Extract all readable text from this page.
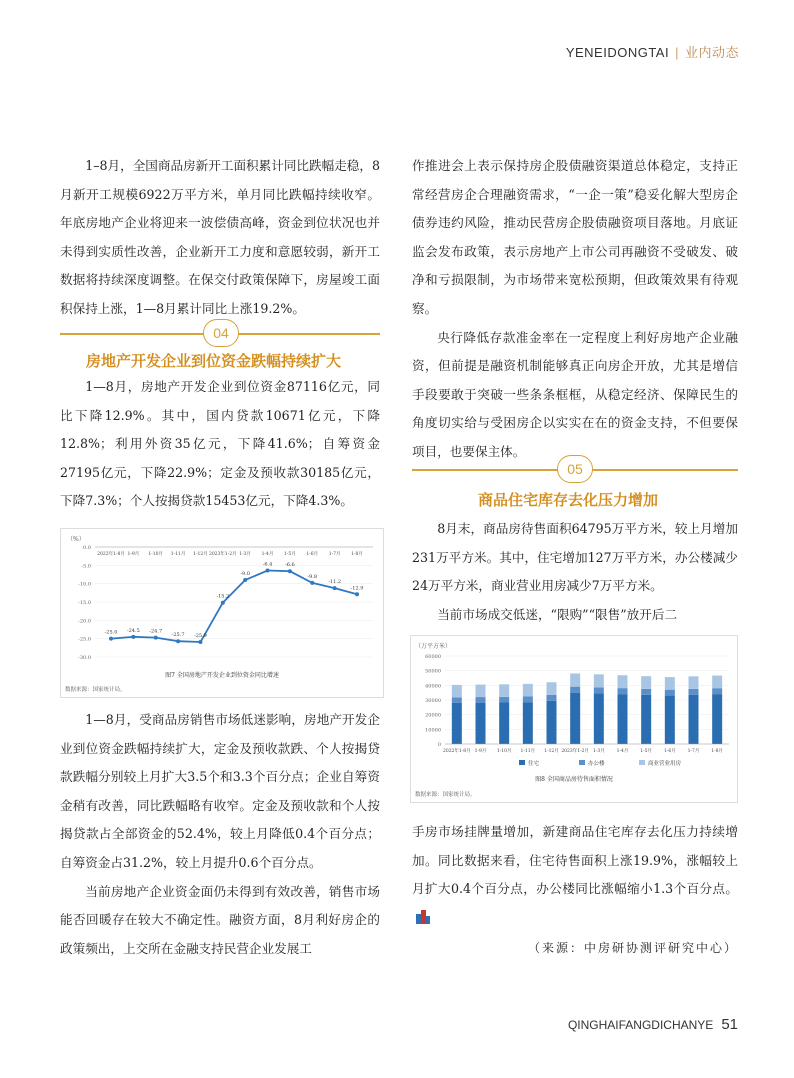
YENEIDONGTAI | 业内动态

1–8月，全国商品房新开工面积累计同比跌幅走稳，8月新开工规模6922万平方米，单月同比跌幅持续收窄。年底房地产企业将迎来一波偿债高峰，资金到位状况也并未得到实质性改善，企业新开工力度和意愿较弱，新开工数据将持续深度调整。在保交付政策保障下，房屋竣工面积保持上涨，1—8月累计同比上涨19.2%。

04
房地产开发企业到位资金跌幅持续扩大

1—8月，房地产开发企业到位资金87116亿元，同比下降12.9%。其中，国内贷款10671亿元，下降12.8%；利用外资35亿元，下降41.6%；自筹资金27195亿元，下降22.9%；定金及预收款30185亿元，下降7.3%；个人按揭贷款15453亿元，下降4.3%。

（%）
0.0
-5.0
-10.0
-15.0
-20.0
-25.0
-30.0
2022年1-8月 1-9月 1-10月 1-11月 1-12月 2023年1-2月 1-3月 1-4月 1-5月 1-6月 1-7月 1-8月
-25.0 -24.5 -24.7
-25.7 -25.9
-15.2
-9.0
-6.4	-6.6
-9.8
-11.2
-12.9
图7 全国房地产开发企业到位资金同比增速
数据来源：国家统计局。

1—8月，受商品房销售市场低迷影响，房地产开发企业到位资金跌幅持续扩大，定金及预收款跌、个人按揭贷款跌幅分别较上月扩大3.5个和3.3个百分点；企业自筹资金稍有改善，同比跌幅略有收窄。定金及预收款和个人按揭贷款占全部资金的52.4%，较上月降低0.4个百分点；自筹资金占31.2%，较上月提升0.6个百分点。

当前房地产企业资金面仍未得到有效改善，销售市场能否回暖存在较大不确定性。融资方面，8月利好房企的政策频出，上交所在金融支持民营企业发展工

作推进会上表示保持房企股债融资渠道总体稳定，支持正常经营房企合理融资需求，“一企一策”稳妥化解大型房企债券违约风险，推动民营房企股债融资项目落地。月底证监会发布政策，表示房地产上市公司再融资不受破发、破净和亏损限制，为市场带来宽松预期，但政策效果有待观察。

央行降低存款准金率在一定程度上利好房地产企业融资，但前提是融资机制能够真正向房企开放，尤其是增信手段要敢于突破一些条条框框，从稳定经济、保障民生的角度切实给与受困房企以实实在在的资金支持，不但要保项目，也要保主体。

05
商品住宅库存去化压力增加

8月末，商品房待售面积64795万平方米，较上月增加231万平方米。其中，住宅增加127万平方米，办公楼减少24万平方米，商业营业用房减少7万平方米。

当前市场成交低迷，“限购”“限售”放开后二

（万平方米）
0
10000
20000
30000
40000
50000
60000
2022年1-8月 1-9月 1-10月 1-11月 1-12月 2023年1-2月 1-3月	1-4月	1-5月	1-6月	1-7月	1-8月
住宅	办公楼	商业营业用房
图8 全国商品房待售面积情况
数据来源：国家统计局。

手房市场挂牌量增加，新建商品住宅库存去化压力持续增加。同比数据来看，住宅待售面积上涨19.9%，涨幅较上月扩大0.4个百分点，办公楼同比涨幅缩小1.3个百分点。

（来源：中房研协测评研究中心）
QINGHAIFANGDICHANYE 51
